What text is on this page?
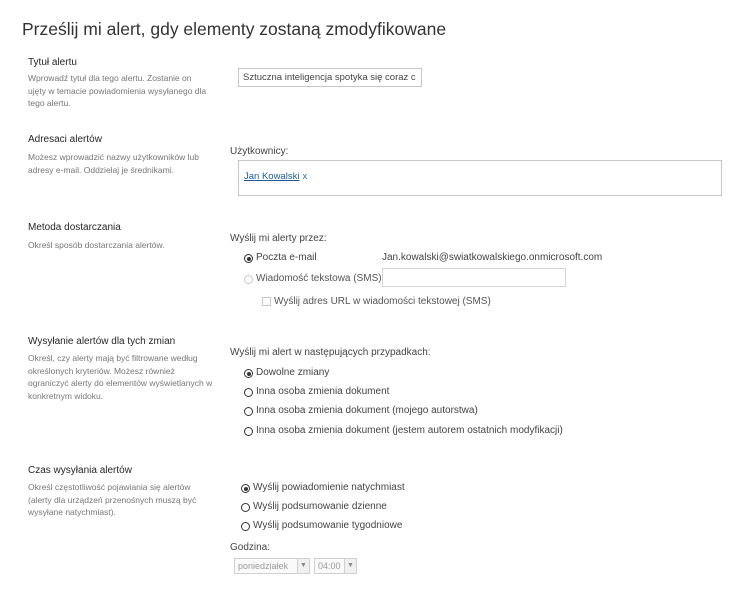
Prześlij mi alert, gdy elementy zostaną zmodyfikowane
Tytuł alertu
Wprowadź tytuł dla tego alertu. Zostanie on ujęty w temacie powiadomienia wysyłanego dla tego alertu.
Sztuczna inteligencja spotyka się coraz c
Adresaci alertów
Możesz wprowadzić nazwy użytkowników lub adresy e-mail. Oddzielaj je średnikami.
Użytkownicy:
Jan Kowalski x
Metoda dostarczania
Określ sposób dostarczania alertów.
Wyślij mi alerty przez:
Poczta e-mail	Jan.kowalski@swiatkowalskiego.onmicrosoft.com
Wiadomość tekstowa (SMS)
Wyślij adres URL w wiadomości tekstowej (SMS)
Wysyłanie alertów dla tych zmian
Określ, czy alerty mają być filtrowane według określonych kryteriów. Możesz również ograniczyć alerty do elementów wyświetlanych w konkretnym widoku.
Wyślij mi alert w następujących przypadkach:
Dowolne zmiany
Inna osoba zmienia dokument
Inna osoba zmienia dokument (mojego autorstwa)
Inna osoba zmienia dokument (jestem autorem ostatnich modyfikacji)
Czas wysyłania alertów
Określ częstotliwość pojawiania się alertów (alerty dla urządzeń przenośnych muszą być wysyłane natychmiast).
Wyślij powiadomienie natychmiast
Wyślij podsumowanie dzienne
Wyślij podsumowanie tygodniowe
Godzina:
poniedziałek	▼ 04:00 ▼
